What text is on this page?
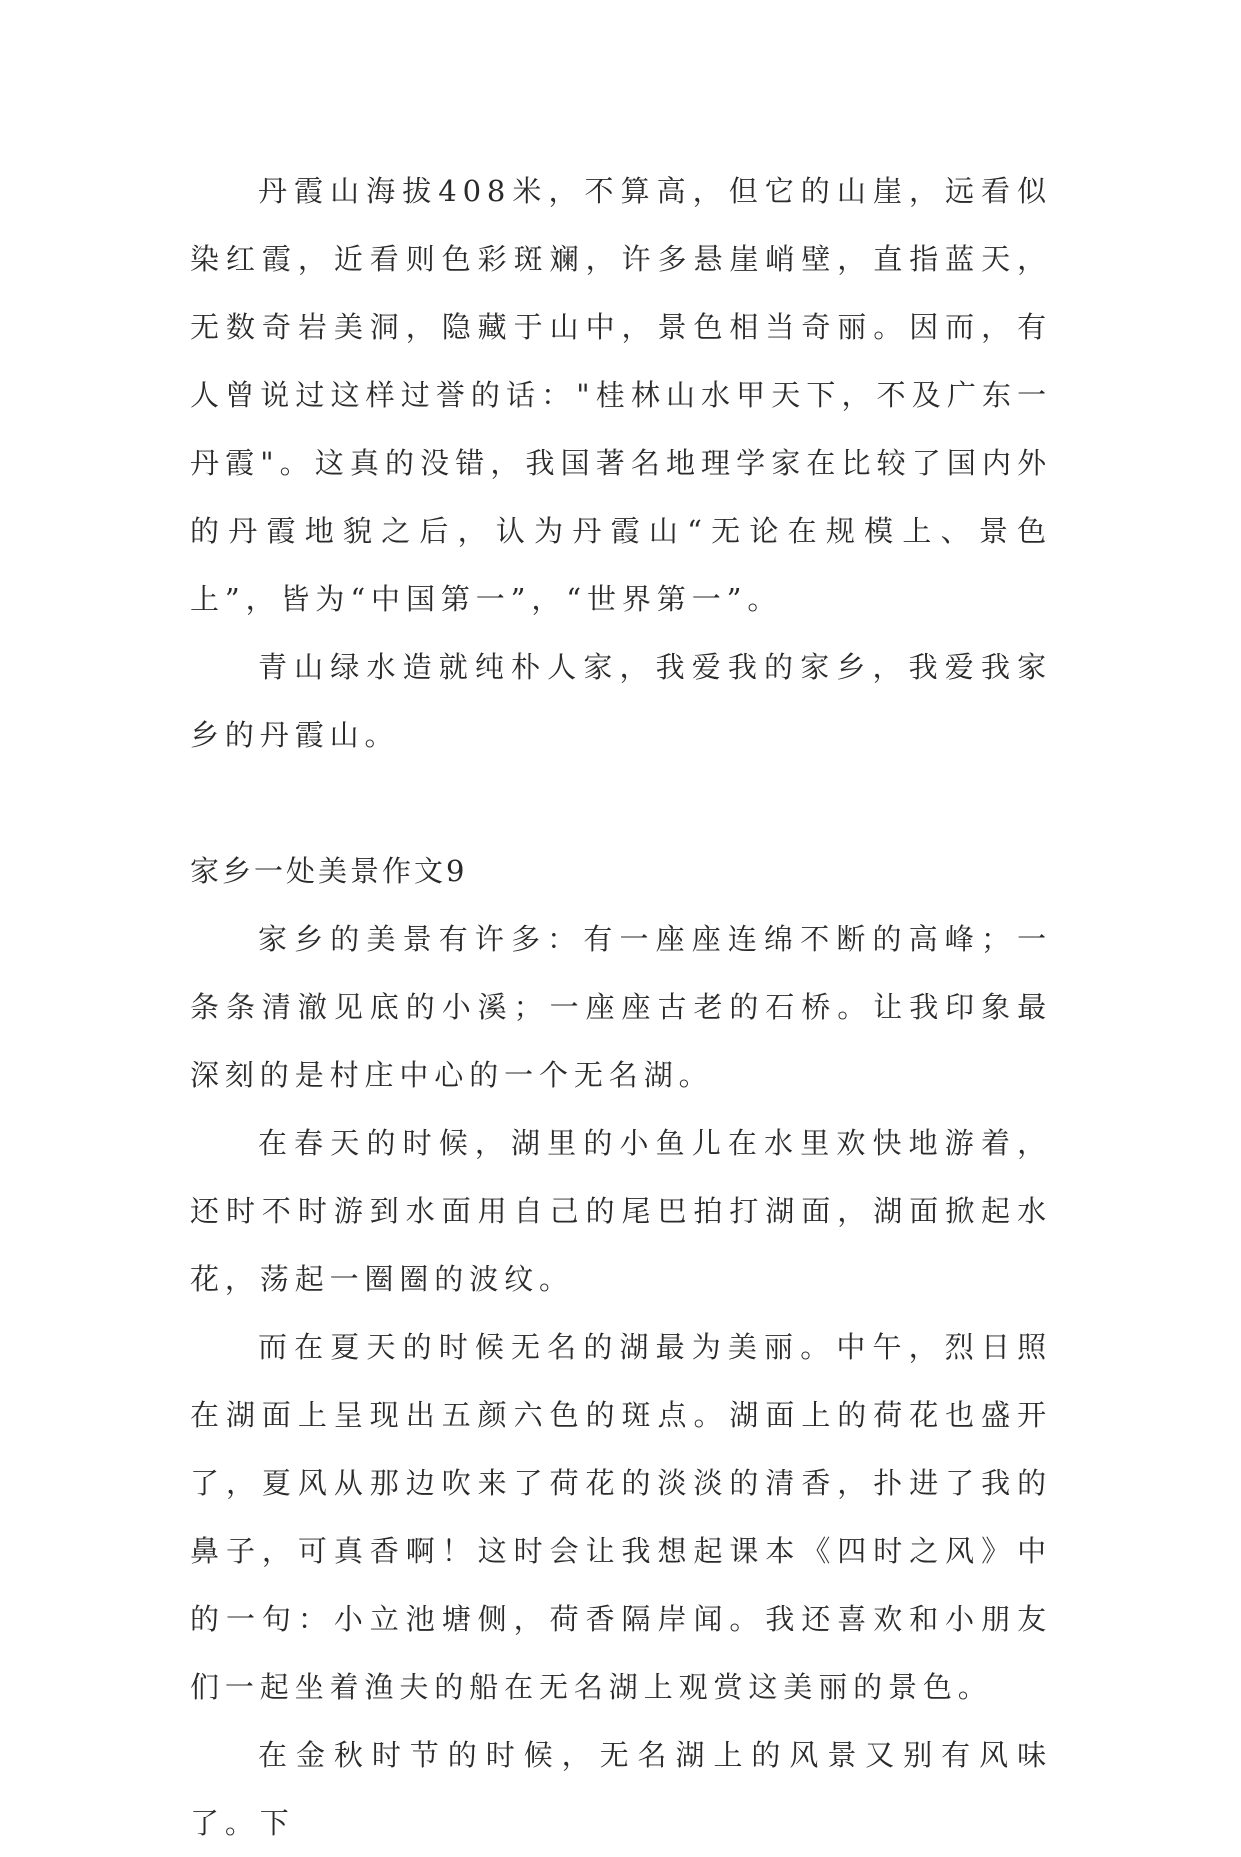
丹霞山海拔408米，不算高，但它的山崖，远看似染红霞，近看则色彩斑斓，许多悬崖峭壁，直指蓝天，无数奇岩美洞，隐藏于山中，景色相当奇丽。因而，有人曾说过这样过誉的话："桂林山水甲天下，不及广东一丹霞"。这真的没错，我国著名地理学家在比较了国内外的丹霞地貌之后，认为丹霞山“无论在规模上、景色上”，皆为“中国第一”，“世界第一”。

青山绿水造就纯朴人家，我爱我的家乡，我爱我家乡的丹霞山。

家乡一处美景作文9

家乡的美景有许多：有一座座连绵不断的高峰；一条条清澈见底的小溪；一座座古老的石桥。让我印象最深刻的是村庄中心的一个无名湖。

在春天的时候，湖里的小鱼儿在水里欢快地游着，还时不时游到水面用自己的尾巴拍打湖面，湖面掀起水花，荡起一圈圈的波纹。

而在夏天的时候无名的湖最为美丽。中午，烈日照在湖面上呈现出五颜六色的斑点。湖面上的荷花也盛开了，夏风从那边吹来了荷花的淡淡的清香，扑进了我的鼻子，可真香啊！这时会让我想起课本《四时之风》中的一句：小立池塘侧，荷香隔岸闻。我还喜欢和小朋友们一起坐着渔夫的船在无名湖上观赏这美丽的景色。

在金秋时节的时候，无名湖上的风景又别有风味了。下
